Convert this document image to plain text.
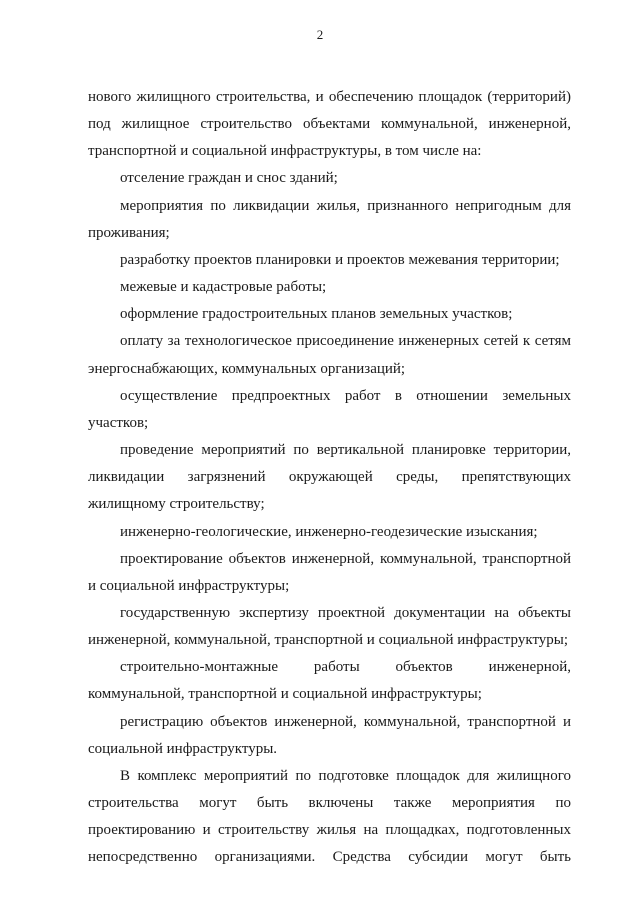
2

нового жилищного строительства, и обеспечению площадок (территорий) под жилищное строительство объектами коммунальной, инженерной, транспортной и социальной инфраструктуры, в том числе на:

отселение граждан и снос зданий;

мероприятия по ликвидации жилья, признанного непригодным для проживания;

разработку проектов планировки и проектов межевания территории;

межевые и кадастровые работы;

оформление градостроительных планов земельных участков;

оплату за технологическое присоединение инженерных сетей к сетям энергоснабжающих, коммунальных организаций;

осуществление предпроектных работ в отношении земельных участков;

проведение мероприятий по вертикальной планировке территории, ликвидации загрязнений окружающей среды, препятствующих жилищному строительству;

инженерно-геологические, инженерно-геодезические изыскания;

проектирование объектов инженерной, коммунальной, транспортной и социальной инфраструктуры;

государственную экспертизу проектной документации на объекты инженерной, коммунальной, транспортной и социальной инфраструктуры;

строительно-монтажные работы объектов инженерной, коммунальной, транспортной и социальной инфраструктуры;

регистрацию объектов инженерной, коммунальной, транспортной и социальной инфраструктуры.

В комплекс мероприятий по подготовке площадок для жилищного строительства могут быть включены также мероприятия по проектированию и строительству жилья на площадках, подготовленных непосредственно организациями. Средства субсидии могут быть
